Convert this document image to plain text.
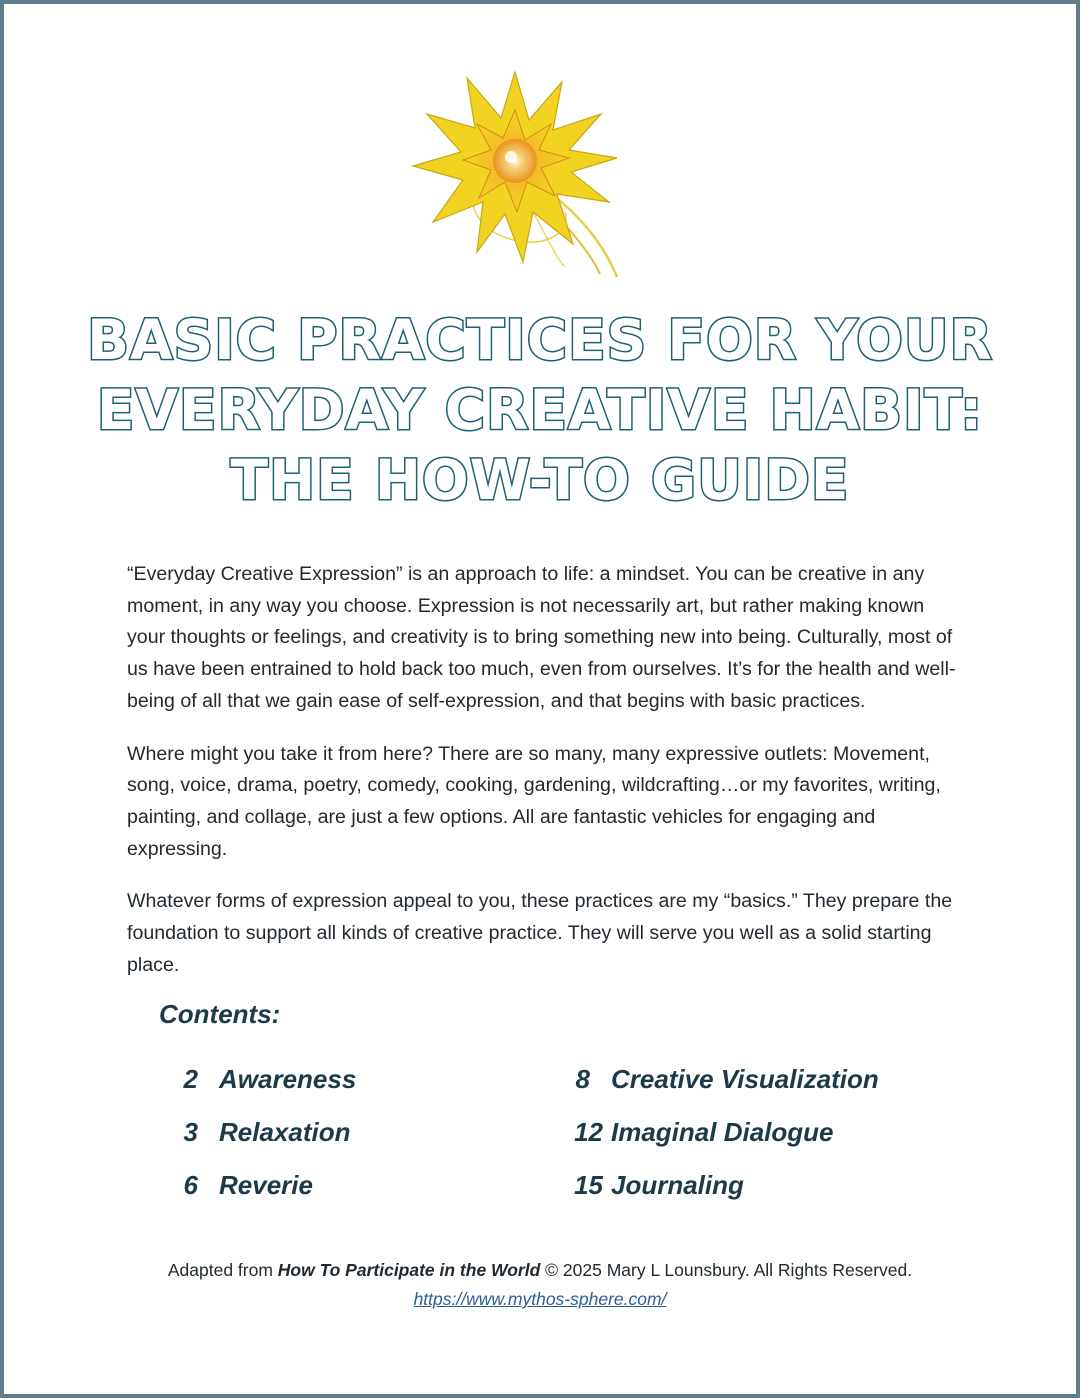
BASIC PRACTICES FOR YOUR
EVERYDAY CREATIVE HABIT:
THE HOW-TO GUIDE

“Everyday Creative Expression” is an approach to life: a mindset. You can be creative in any moment, in any way you choose. Expression is not necessarily art, but rather making known your thoughts or feelings, and creativity is to bring something new into being. Culturally, most of us have been entrained to hold back too much, even from ourselves. It’s for the health and well-being of all that we gain ease of self-expression, and that begins with basic practices.

Where might you take it from here? There are so many, many expressive outlets: Movement, song, voice, drama, poetry, comedy, cooking, gardening, wildcrafting…or my favorites, writing, painting, and collage, are just a few options. All are fantastic vehicles for engaging and expressing.

Whatever forms of expression appeal to you, these practices are my “basics.” They prepare the foundation to support all kinds of creative practice. They will serve you well as a solid starting place.

Contents:
2 Awareness
3 Relaxation
6 Reverie
8 Creative Visualization
12 Imaginal Dialogue
15 Journaling
Adapted from How To Participate in the World © 2025 Mary L Lounsbury. All Rights Reserved.
https://www.mythos-sphere.com/
